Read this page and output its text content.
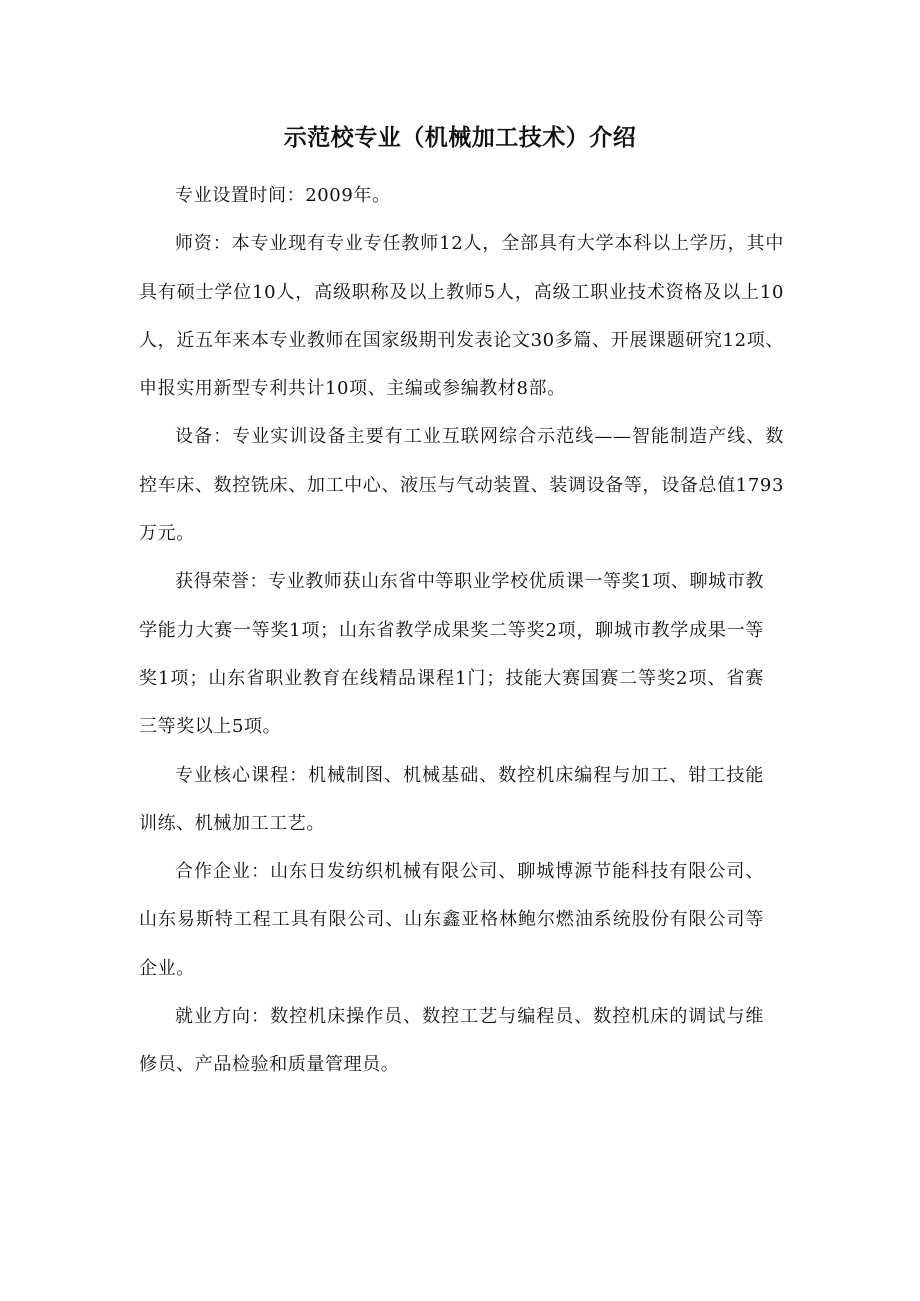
示范校专业（机械加工技术）介绍

专业设置时间：2009年。

师资：本专业现有专业专任教师12人，全部具有大学本科以上学历，其中具有硕士学位10人，高级职称及以上教师5人，高级工职业技术资格及以上10人，近五年来本专业教师在国家级期刊发表论文30多篇、开展课题研究12项、申报实用新型专利共计10项、主编或参编教材8部。

设备：专业实训设备主要有工业互联网综合示范线——智能制造产线、数控车床、数控铣床、加工中心、液压与气动装置、装调设备等，设备总值1793万元。

获得荣誉：专业教师获山东省中等职业学校优质课一等奖1项、聊城市教学能力大赛一等奖1项；山东省教学成果奖二等奖2项，聊城市教学成果一等奖1项；山东省职业教育在线精品课程1门；技能大赛国赛二等奖2项、省赛三等奖以上5项。

专业核心课程：机械制图、机械基础、数控机床编程与加工、钳工技能训练、机械加工工艺。

合作企业：山东日发纺织机械有限公司、聊城博源节能科技有限公司、山东易斯特工程工具有限公司、山东鑫亚格林鲍尔燃油系统股份有限公司等企业。

就业方向：数控机床操作员、数控工艺与编程员、数控机床的调试与维修员、产品检验和质量管理员。
